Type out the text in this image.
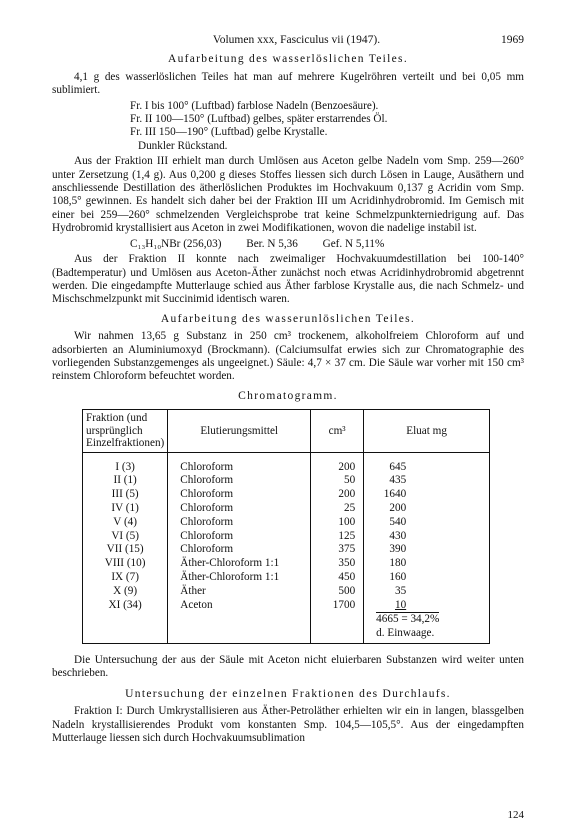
Volumen xxx, Fasciculus vii (1947).	1969
Aufarbeitung des wasserlöslichen Teiles.

4,1 g des wasserlöslichen Teiles hat man auf mehrere Kugelröhren verteilt und bei 0,05 mm sublimiert.

Fr. I bis 100° (Luftbad) farblose Nadeln (Benzoesäure).
Fr. II 100—150° (Luftbad) gelbes, später erstarrendes Öl.
Fr. III 150—190° (Luftbad) gelbe Krystalle.
Dunkler Rückstand.

Aus der Fraktion III erhielt man durch Umlösen aus Aceton gelbe Nadeln vom Smp. 259—260° unter Zersetzung (1,4 g). Aus 0,200 g dieses Stoffes liessen sich durch Lösen in Lauge, Ausäthern und anschliessende Destillation des ätherlöslichen Produktes im Hochvakuum 0,137 g Acridin vom Smp. 108,5° gewinnen. Es handelt sich daher bei der Fraktion III um Acridinhydrobromid. Im Gemisch mit einer bei 259—260° schmelzenden Vergleichsprobe trat keine Schmelzpunkterniedrigung auf. Das Hydrobromid krystallisiert aus Aceton in zwei Modifikationen, wovon die nadelige instabil ist.

C₁₃H₁₀NBr (256,03) Ber. N 5,36 Gef. N 5,11%

Aus der Fraktion II konnte nach zweimaliger Hochvakuumdestillation bei 100-140° (Badtemperatur) und Umlösen aus Aceton-Äther zunächst noch etwas Acridinhydrobromid abgetrennt werden. Die eingedampfte Mutterlauge schied aus Äther farblose Krystalle aus, die nach Schmelz- und Mischschmelzpunkt mit Succinimid identisch waren.

Aufarbeitung des wasserunlöslichen Teiles.

Wir nahmen 13,65 g Substanz in 250 cm³ trockenem, alkoholfreiem Chloroform auf und adsorbierten an Aluminiumoxyd (Brockmann). (Calciumsulfat erwies sich zur Chromatographie des vorliegenden Substanzgemenges als ungeeignet.) Säule: 4,7 × 37 cm. Die Säule war vorher mit 150 cm³ reinstem Chloroform befeuchtet worden.

Chromatogramm.
Fraktion (und ursprünglich Einzelfraktionen)	Elutierungsmittel	cm³	Eluat mg
I (3)	Chloroform	200	645
II (1)	Chloroform	50	435
III (5)	Chloroform	200	1640
IV (1)	Chloroform	25	200
V (4)	Chloroform	100	540
VI (5)	Chloroform	125	430
VII (15)	Chloroform	375	390
VIII (10)	Äther-Chloroform 1:1	350	180
IX (7)	Äther-Chloroform 1:1	450	160
X (9)	Äther	500	35
XI (34)	Aceton	1700	10
			4665 = 34,2%
			d. Einwaage.

Die Untersuchung der aus der Säule mit Aceton nicht eluierbaren Substanzen wird weiter unten beschrieben.

Untersuchung der einzelnen Fraktionen des Durchlaufs.

Fraktion I: Durch Umkrystallisieren aus Äther-Petroläther erhielten wir ein in langen, blassgelben Nadeln krystallisierendes Produkt vom konstanten Smp. 104,5—105,5°. Aus der eingedampften Mutterlauge liessen sich durch Hochvakuumsublimation

124
